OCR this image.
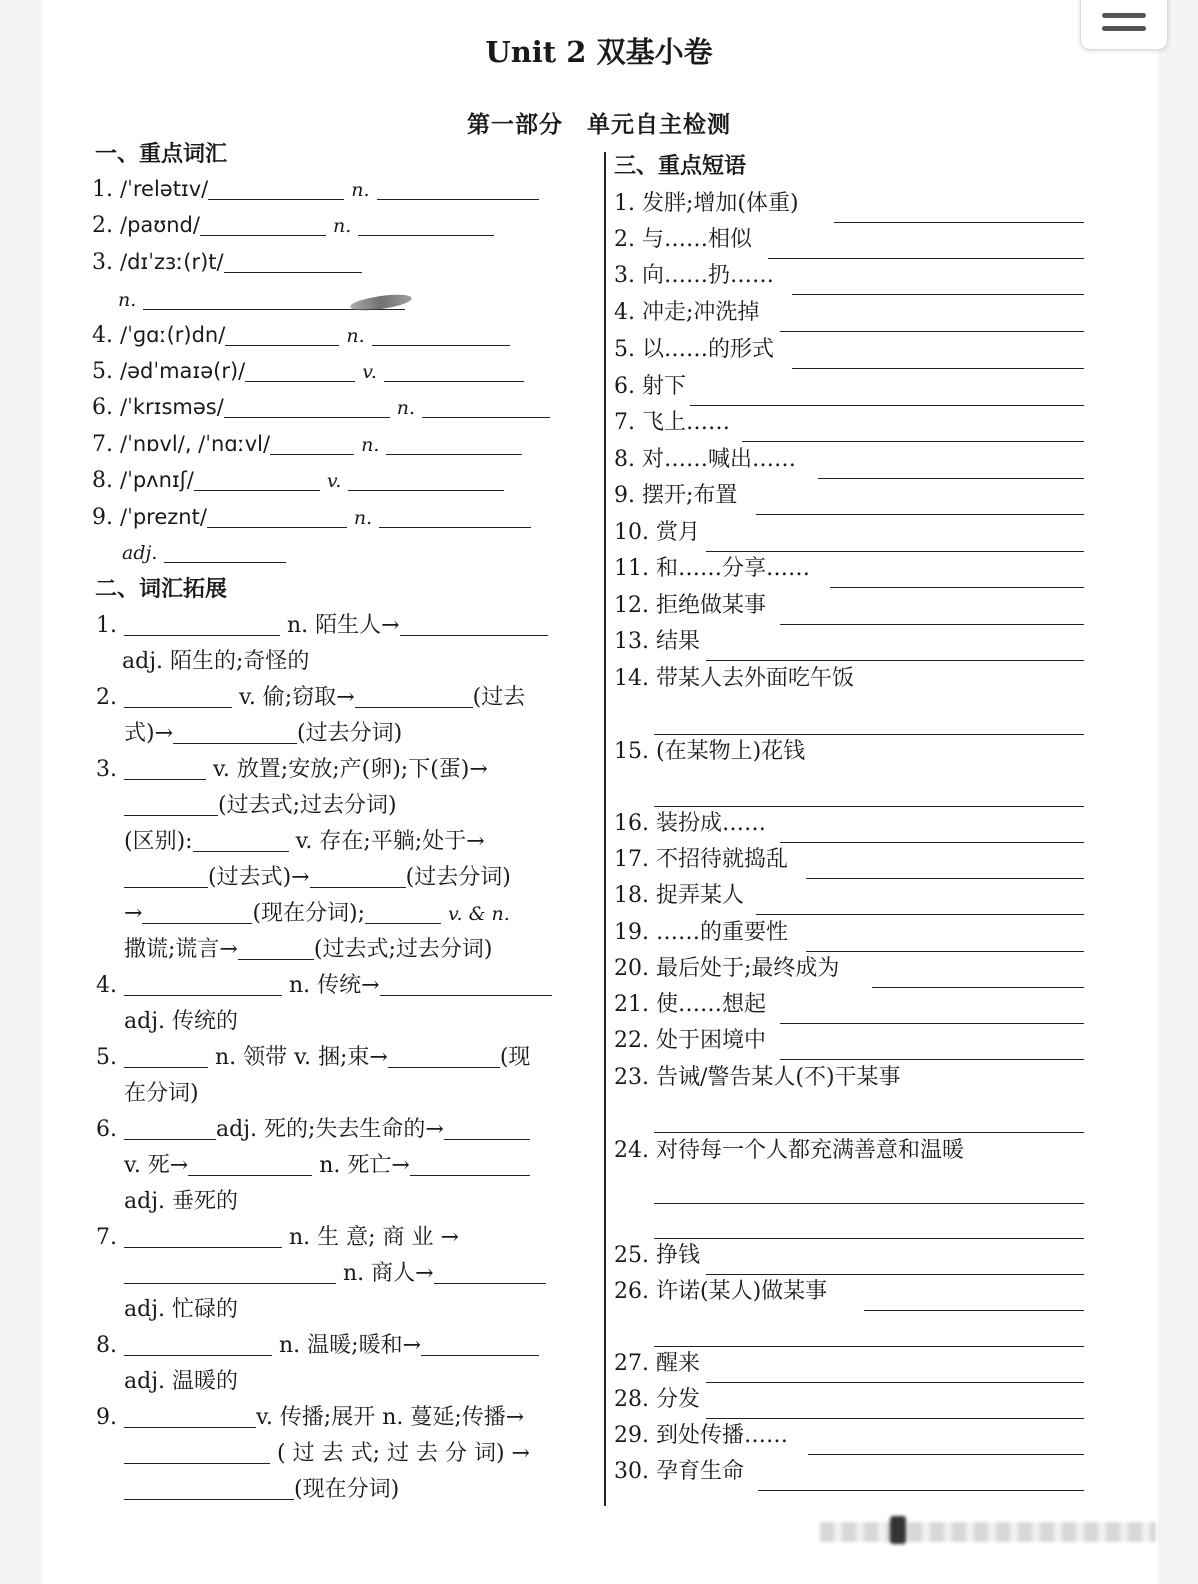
Unit 2 双基小卷
第一部分　单元自主检测
一、重点词汇
1. /ˈrelətɪv/	n.
2. /paʊnd/	n.
3. /dɪˈzɜː(r)t/
n.
4. /ˈɡɑː(r)dn/	n.
5. /ədˈmaɪə(r)/	v.
6. /ˈkrɪsməs/	n.
7. /ˈnɒvl/, /ˈnɑːvl/	n.
8. /ˈpʌnɪʃ/	v.
9. /ˈpreznt/	n.
adj.
二、词汇拓展
1.	n. 陌生人→
adj. 陌生的;奇怪的
2.	v. 偷;窃取→	(过去
式)→	(过去分词)
3.	v. 放置;安放;产(卵);下(蛋)→
(过去式;过去分词)
(区别):	v. 存在;平躺;处于→
(过去式)→	(过去分词)
→	(现在分词);	v. & n.
撒谎;谎言→	(过去式;过去分词)
4.	n. 传统→
adj. 传统的
5.	n. 领带 v. 捆;束→	(现
在分词)
6.	adj. 死的;失去生命的→
v. 死→	n. 死亡→
adj. 垂死的
7.	n. 生 意; 商 业 →
n. 商人→
adj. 忙碌的
8.	n. 温暖;暖和→
adj. 温暖的
9.	v. 传播;展开 n. 蔓延;传播→
( 过 去 式; 过 去 分 词) →
(现在分词)
三、重点短语
1. 发胖;增加(体重)
2. 与……相似
3. 向……扔……
4. 冲走;冲洗掉
5. 以……的形式
6. 射下
7. 飞上……
8. 对……喊出……
9. 摆开;布置
10. 赏月
11. 和……分享……
12. 拒绝做某事
13. 结果
14. 带某人去外面吃午饭
15. (在某物上)花钱
16. 装扮成……
17. 不招待就捣乱
18. 捉弄某人
19. ……的重要性
20. 最后处于;最终成为
21. 使……想起
22. 处于困境中
23. 告诫/警告某人(不)干某事
24. 对待每一个人都充满善意和温暖
25. 挣钱
26. 许诺(某人)做某事
27. 醒来
28. 分发
29. 到处传播……
30. 孕育生命
